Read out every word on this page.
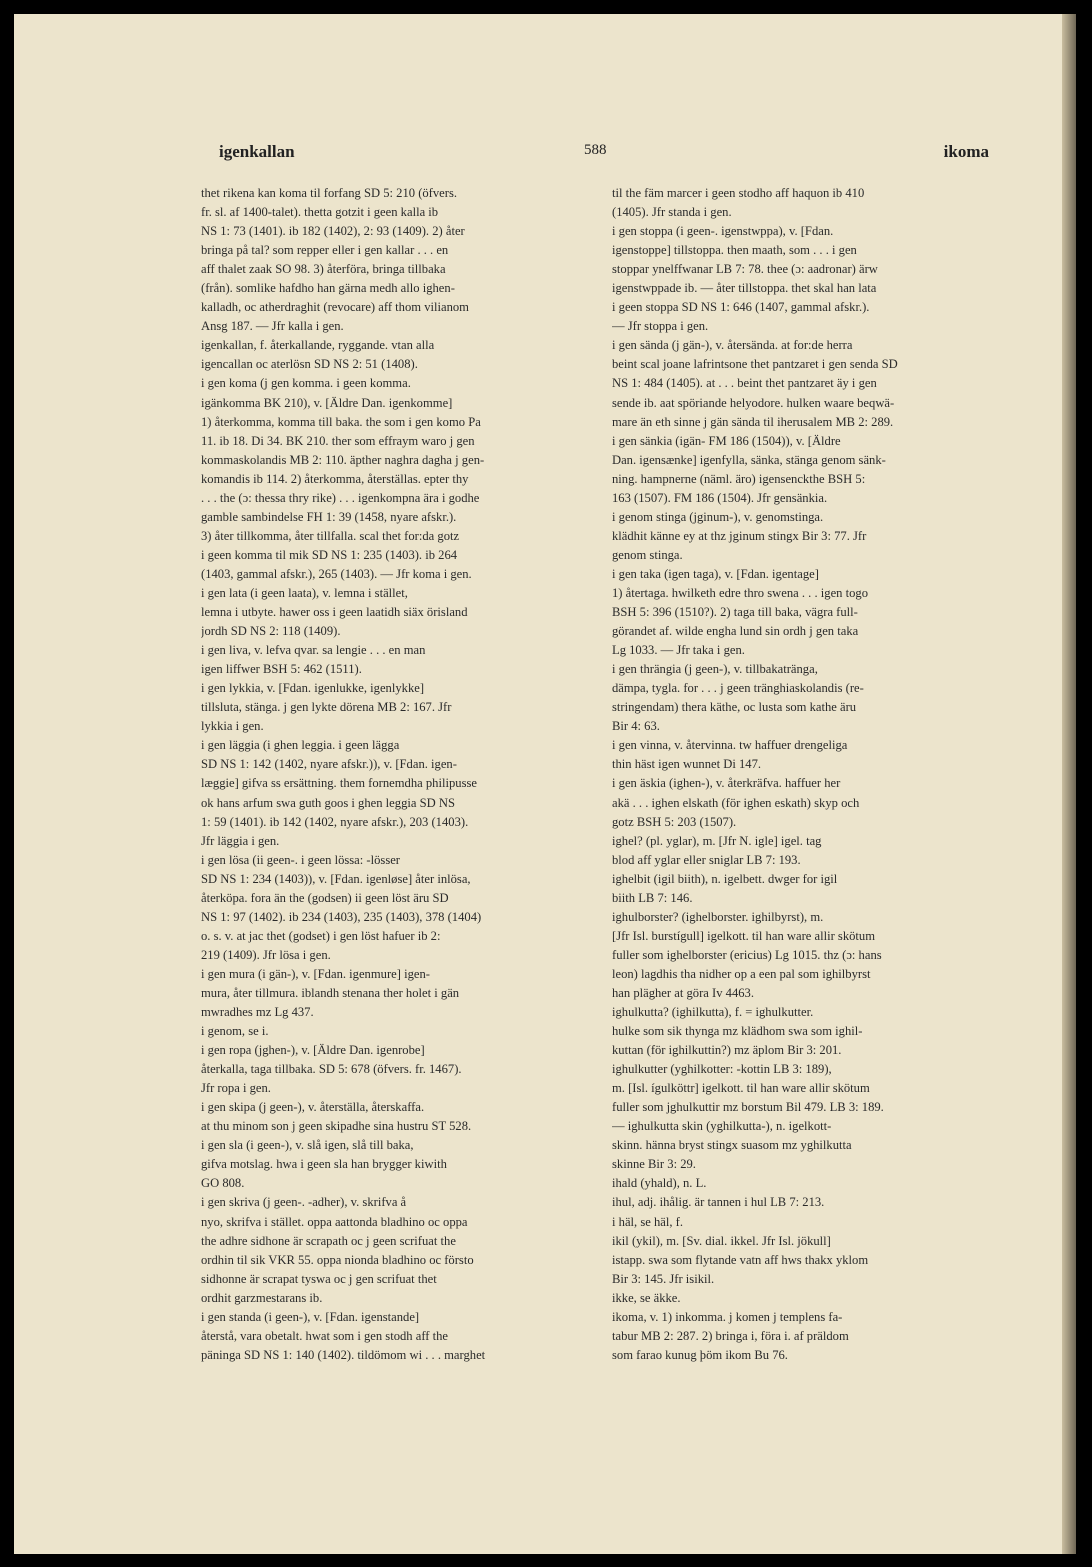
igenkallan	588	ikoma
thet rikena kan koma til forfang SD 5: 210 (öfvers.
fr. sl. af 1400-talet). thetta gotzit i geen kalla ib
NS 1: 73 (1401). ib 182 (1402), 2: 93 (1409). 2) åter
bringa på tal? som repper eller i gen kallar . . . en
aff thalet zaak SO 98. 3) återföra, bringa tillbaka
(från). somlike hafdho han gärna medh allo ighen-
kalladh, oc atherdraghit (revocare) aff thom vilianom
Ansg 187. — Jfr kalla i gen.
igenkallan, f. återkallande, ryggande. vtan alla
igencallan oc aterlösn SD NS 2: 51 (1408).
i gen koma (j gen komma. i geen komma.
igänkomma BK 210), v. [Äldre Dan. igenkomme]
1) återkomma, komma till baka. the som i gen komo Pa
11. ib 18. Di 34. BK 210. ther som effraym waro j gen
kommaskolandis MB 2: 110. äpther naghra dagha j gen-
komandis ib 114. 2) återkomma, återställas. epter thy
. . . the (ɔ: thessa thry rike) . . . igenkompna ära i godhe
gamble sambindelse FH 1: 39 (1458, nyare afskr.).
3) åter tillkomma, åter tillfalla. scal thet for:da gotz
i geen komma til mik SD NS 1: 235 (1403). ib 264
(1403, gammal afskr.), 265 (1403). — Jfr koma i gen.
i gen lata (i geen laata), v. lemna i stället,
lemna i utbyte. hawer oss i geen laatidh siäx örisland
jordh SD NS 2: 118 (1409).
i gen liva, v. lefva qvar. sa lengie . . . en man
igen liffwer BSH 5: 462 (1511).
i gen lykkia, v. [Fdan. igenlukke, igenlykke]
tillsluta, stänga. j gen lykte dörena MB 2: 167. Jfr
lykkia i gen.
i gen läggia (i ghen leggia. i geen lägga
SD NS 1: 142 (1402, nyare afskr.)), v. [Fdan. igen-
læggie] gifva ss ersättning. them fornemdha philipusse
ok hans arfum swa guth goos i ghen leggia SD NS
1: 59 (1401). ib 142 (1402, nyare afskr.), 203 (1403).
Jfr läggia i gen.
i gen lösa (ii geen-. i geen lössa: -lösser
SD NS 1: 234 (1403)), v. [Fdan. igenløse] åter inlösa,
återköpa. fora än the (godsen) ii geen löst äru SD
NS 1: 97 (1402). ib 234 (1403), 235 (1403), 378 (1404)
o. s. v. at jac thet (godset) i gen löst hafuer ib 2:
219 (1409). Jfr lösa i gen.
i gen mura (i gän-), v. [Fdan. igenmure] igen-
mura, åter tillmura. iblandh stenana ther holet i gän
mwradhes mz Lg 437.
i genom, se i.
i gen ropa (jghen-), v. [Äldre Dan. igenrobe]
återkalla, taga tillbaka. SD 5: 678 (öfvers. fr. 1467).
Jfr ropa i gen.
i gen skipa (j geen-), v. återställa, återskaffa.
at thu minom son j geen skipadhe sina hustru ST 528.
i gen sla (i geen-), v. slå igen, slå till baka,
gifva motslag. hwa i geen sla han brygger kiwith
GO 808.
i gen skriva (j geen-. -adher), v. skrifva å
nyo, skrifva i stället. oppa aattonda bladhino oc oppa
the adhre sidhone är scrapath oc j geen scrifuat the
ordhin til sik VKR 55. oppa nionda bladhino oc försto
sidhonne är scrapat tyswa oc j gen scrifuat thet
ordhit garzmestarans ib.
i gen standa (i geen-), v. [Fdan. igenstande]
återstå, vara obetalt. hwat som i gen stodh aff the
päninga SD NS 1: 140 (1402). tildömom wi . . . marghet
til the fäm marcer i geen stodho aff haquon ib 410
(1405). Jfr standa i gen.
i gen stoppa (i geen-. igenstwppa), v. [Fdan.
igenstoppe] tillstoppa. then maath, som . . . i gen
stoppar ynelffwanar LB 7: 78. thee (ɔ: aadronar) ärw
igenstwppade ib. — åter tillstoppa. thet skal han lata
i geen stoppa SD NS 1: 646 (1407, gammal afskr.).
— Jfr stoppa i gen.
i gen sända (j gän-), v. återsända. at for:de herra
beint scal joane lafrintsone thet pantzaret i gen senda SD
NS 1: 484 (1405). at . . . beint thet pantzaret äy i gen
sende ib. aat spöriande helyodore. hulken waare beqwä-
mare än eth sinne j gän sända til iherusalem MB 2: 289.
i gen sänkia (igän- FM 186 (1504)), v. [Äldre
Dan. igensænke] igenfylla, sänka, stänga genom sänk-
ning. hampnerne (näml. äro) igensenckthe BSH 5:
163 (1507). FM 186 (1504). Jfr gensänkia.
i genom stinga (jginum-), v. genomstinga.
klädhit känne ey at thz jginum stingx Bir 3: 77. Jfr
genom stinga.
i gen taka (igen taga), v. [Fdan. igentage]
1) återtaga. hwilketh edre thro swena . . . igen togo
BSH 5: 396 (1510?). 2) taga till baka, vägra full-
görandet af. wilde engha lund sin ordh j gen taka
Lg 1033. — Jfr taka i gen.
i gen thrängia (j geen-), v. tillbakatränga,
dämpa, tygla. for . . . j geen tränghiaskolandis (re-
stringendam) thera käthe, oc lusta som kathe äru
Bir 4: 63.
i gen vinna, v. återvinna. tw haffuer drengeliga
thin häst igen wunnet Di 147.
i gen äskia (ighen-), v. återkräfva. haffuer her
akä . . . ighen elskath (för ighen eskath) skyp och
gotz BSH 5: 203 (1507).
ighel? (pl. yglar), m. [Jfr N. igle] igel. tag
blod aff yglar eller sniglar LB 7: 193.
ighelbit (igil biith), n. igelbett. dwger for igil
biith LB 7: 146.
ighulborster? (ighelborster. ighilbyrst), m.
[Jfr Isl. burstígull] igelkott. til han ware allir skötum
fuller som ighelborster (ericius) Lg 1015. thz (ɔ: hans
leon) lagdhis tha nidher op a een pal som ighilbyrst
han plägher at göra Iv 4463.
ighulkutta? (ighilkutta), f. = ighulkutter.
hulke som sik thynga mz klädhom swa som ighil-
kuttan (för ighilkuttin?) mz äplom Bir 3: 201.
ighulkutter (yghilkotter: -kottin LB 3: 189),
m. [Isl. ígulköttr] igelkott. til han ware allir skötum
fuller som jghulkuttir mz borstum Bil 479. LB 3: 189.
— ighulkutta skin (yghilkutta-), n. igelkott-
skinn. hänna bryst stingx suasom mz yghilkutta
skinne Bir 3: 29.
ihald (yhald), n. L.
ihul, adj. ihålig. är tannen i hul LB 7: 213.
i häl, se häl, f.
ikil (ykil), m. [Sv. dial. ikkel. Jfr Isl. jökull]
istapp. swa som flytande vatn aff hws thakx yklom
Bir 3: 145. Jfr isikil.
ikke, se äkke.
ikoma, v. 1) inkomma. j komen j templens fa-
tabur MB 2: 287. 2) bringa i, föra i. af präldom
som farao kunug þöm ikom Bu 76.
